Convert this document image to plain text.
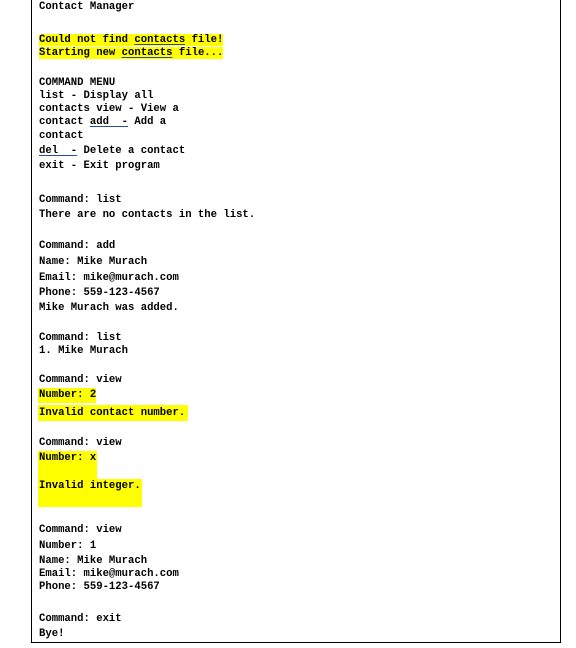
Contact Manager
Could not find contacts file!
Starting new contacts file...
COMMAND MENU
list - Display all
contacts view - View a
contact add  - Add a
contact
del  - Delete a contact
exit - Exit program
Command: list
There are no contacts in the list.
Command: add
Name: Mike Murach
Email: mike@murach.com
Phone: 559-123-4567
Mike Murach was added.
Command: list
1. Mike Murach
Command: view
Number: 2
Invalid contact number.
Command: view
Number: x
Invalid integer.
Command: view
Number: 1
Name: Mike Murach
Email: mike@murach.com
Phone: 559-123-4567
Command: exit
Bye!
